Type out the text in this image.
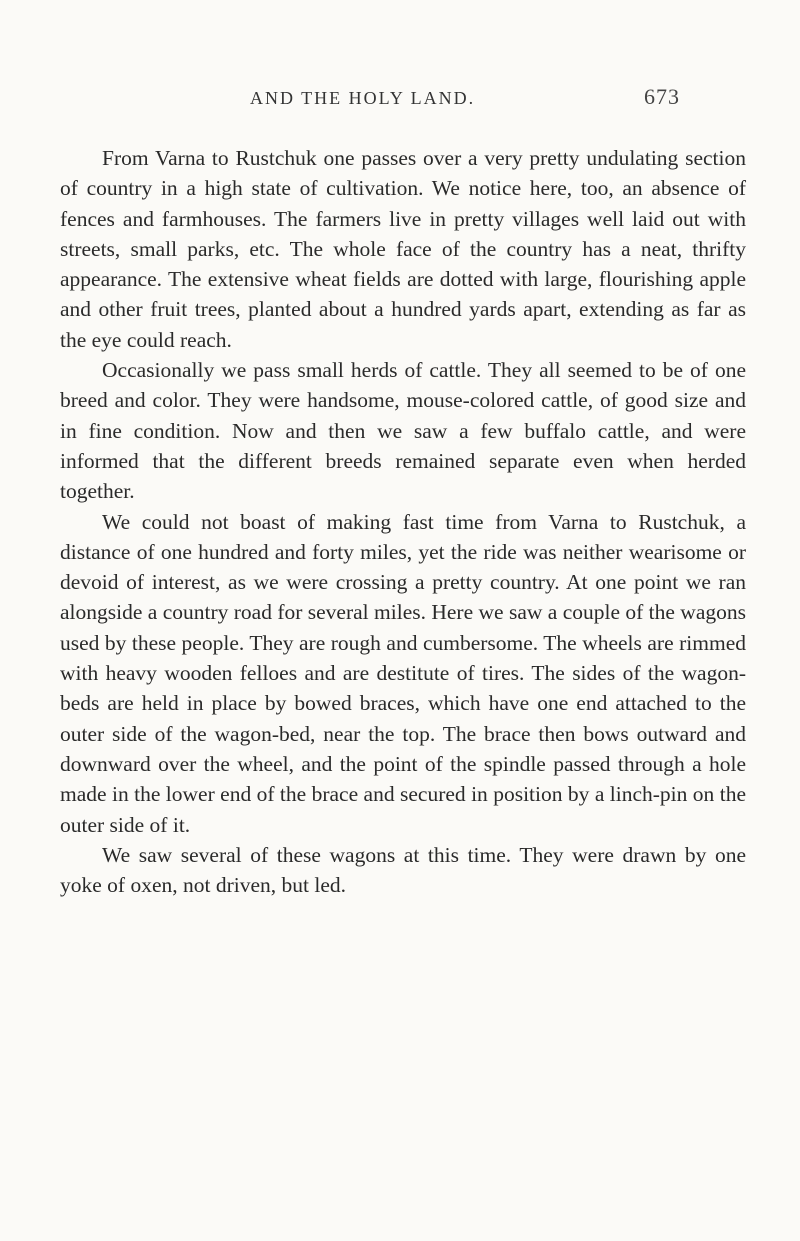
AND THE HOLY LAND.	673

From Varna to Rustchuk one passes over a very pretty undulating section of country in a high state of cultivation. We notice here, too, an absence of fences and farmhouses. The farmers live in pretty villages well laid out with streets, small parks, etc. The whole face of the country has a neat, thrifty appearance. The extensive wheat fields are dotted with large, flourishing apple and other fruit trees, planted about a hundred yards apart, extending as far as the eye could reach.

Occasionally we pass small herds of cattle. They all seemed to be of one breed and color. They were handsome, mouse-colored cattle, of good size and in fine condition. Now and then we saw a few buffalo cattle, and were informed that the different breeds remained separate even when herded together.

We could not boast of making fast time from Varna to Rustchuk, a distance of one hundred and forty miles, yet the ride was neither wearisome or devoid of interest, as we were crossing a pretty country. At one point we ran alongside a country road for several miles. Here we saw a couple of the wagons used by these people. They are rough and cumbersome. The wheels are rimmed with heavy wooden felloes and are destitute of tires. The sides of the wagon-beds are held in place by bowed braces, which have one end attached to the outer side of the wagon-bed, near the top. The brace then bows outward and downward over the wheel, and the point of the spindle passed through a hole made in the lower end of the brace and secured in position by a linch-pin on the outer side of it.

We saw several of these wagons at this time. They were drawn by one yoke of oxen, not driven, but led.
